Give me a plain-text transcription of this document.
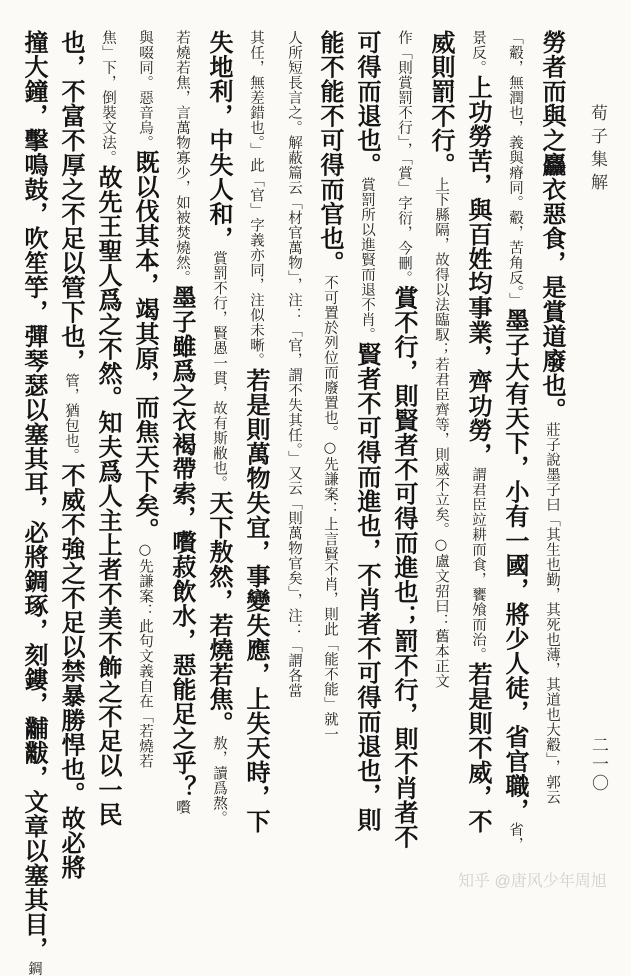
荀子集解
勞者而與之麤衣惡食，是賞道廢也。莊子說墨子曰「其生也勤，其死也薄，其道也大觳」，郭云
「觳，無潤也，義與瘠同。觳，苦角反。」墨子大有天下，小有一國，將少人徒，省官職，省，
景反。上功勞苦，與百姓均事業，齊功勞，謂君臣竝耕而食，饔飧而治。若是則不威，不
威則罰不行。上下縣隔，故得以法臨馭；若君臣齊等，則威不立矣。○盧文弨曰：舊本正文
作「則賞罰不行」，「賞」字衍，今刪。賞不行，則賢者不可得而進也；罰不行，則不肖者不
可得而退也。賞罰所以進賢而退不肖。賢者不可得而進也，不肖者不可得而退也，則
能不能不可得而官也。不可置於列位而廢置也。○先謙案：上言賢不肖，則此「能不能」就一
人所短長言之。解蔽篇云「材官萬物」，注：「官，謂不失其任。」又云「則萬物官矣」，注：「謂各當
其任，無差錯也。」此「官」字義亦同，注似未晰。若是則萬物失宜，事變失應，上失天時，下
失地利，中失人和，賞罰不行，賢愚一貫，故有斯敝也。天下敖然，若燒若焦。敖，讀爲熬。
若燒若焦，言萬物寡少，如被焚燒然。墨子雖爲之衣褐帶索，嚽菽飲水，惡能足之乎？嚽
與啜同。惡音烏。既以伐其本，竭其原，而焦天下矣。○先謙案：此句文義自在「若燒若
焦」下，倒裝文法。故先王聖人爲之不然。知夫爲人主上者不美不飾之不足以一民
也，不富不厚之不足以管下也，管，猶包也。不威不強之不足以禁暴勝悍也。故必將
撞大鐘，擊鳴鼓，吹笙竽，彈琴瑟以塞其耳，必將錭琢，刻鏤，黼黻，文章以塞其目，錭
二一〇
知乎 @唐风少年周旭
